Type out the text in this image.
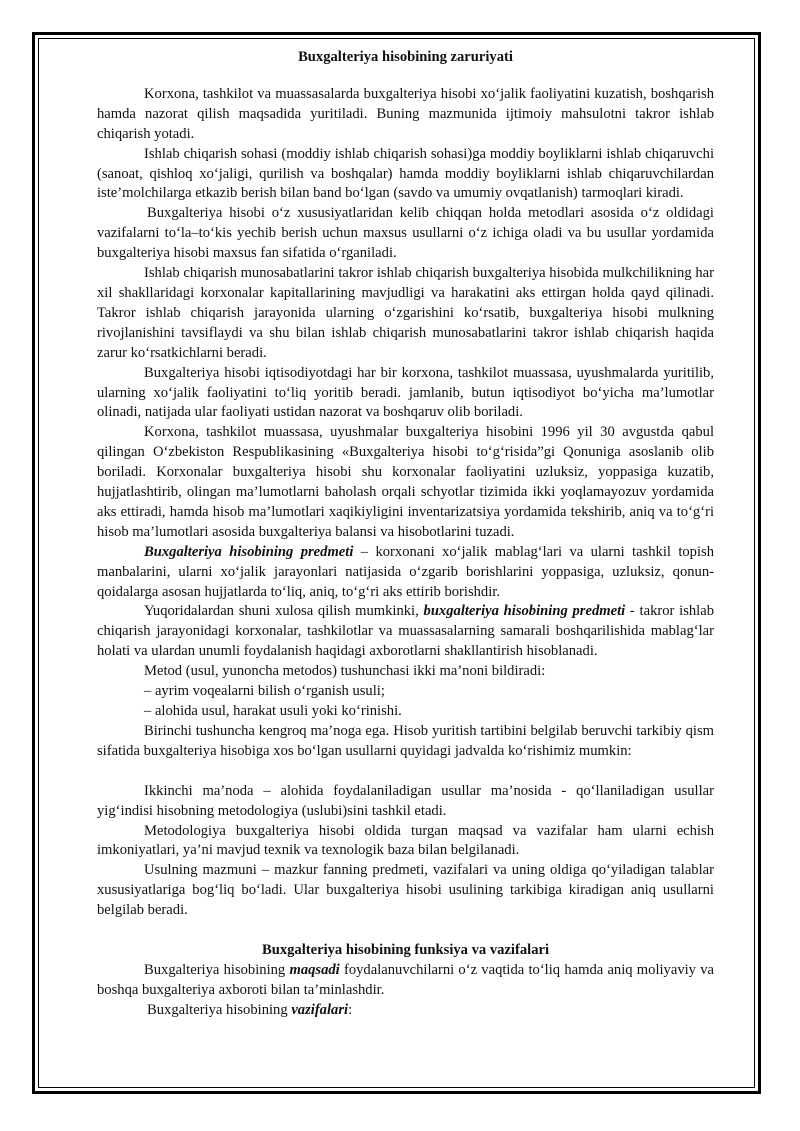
Buxgalteriya hisobining zaruriyati

Korxona, tashkilot va muassasalarda buxgalteriya hisobi xo‘jalik faoliyatini kuzatish, boshqarish hamda nazorat qilish maqsadida yuritiladi. Buning mazmunida ijtimoiy mahsulotni takror ishlab chiqarish yotadi.

Ishlab chiqarish sohasi (moddiy ishlab chiqarish sohasi)ga moddiy boyliklarni ishlab chiqaruvchi (sanoat, qishloq xo‘jaligi, qurilish va boshqalar) hamda moddiy boyliklarni ishlab chiqaruvchilardan iste’molchilarga etkazib berish bilan band bo‘lgan (savdo va umumiy ovqatlanish) tarmoqlari kiradi.

Buxgalteriya hisobi o‘z xususiyatlaridan kelib chiqqan holda metodlari asosida o‘z oldidagi vazifalarni to‘la–to‘kis yechib berish uchun maxsus usullarni o‘z ichiga oladi va bu usullar yordamida buxgalteriya hisobi maxsus fan sifatida o‘rganiladi.

Ishlab chiqarish munosabatlarini takror ishlab chiqarish buxgalteriya hisobida mulkchilikning har xil shakllaridagi korxonalar kapitallarining mavjudligi va harakatini aks ettirgan holda qayd qilinadi. Takror ishlab chiqarish jarayonida ularning o‘zgarishini ko‘rsatib, buxgalteriya hisobi mulkning rivojlanishini tavsiflaydi va shu bilan ishlab chiqarish munosabatlarini takror ishlab chiqarish haqida zarur ko‘rsatkichlarni beradi.

Buxgalteriya hisobi iqtisodiyotdagi har bir korxona, tashkilot muassasa, uyushmalarda yuritilib, ularning xo‘jalik faoliyatini to‘liq yoritib beradi. jamlanib, butun iqtisodiyot bo‘yicha ma’lumotlar olinadi, natijada ular faoliyati ustidan nazorat va boshqaruv olib boriladi.

Korxona, tashkilot muassasa, uyushmalar buxgalteriya hisobini 1996 yil 30 avgustda qabul qilingan O‘zbekiston Respublikasining «Buxgalteriya hisobi to‘g‘risida”gi Qonuniga asoslanib olib boriladi. Korxonalar buxgalteriya hisobi shu korxonalar faoliyatini uzluksiz, yoppasiga kuzatib, hujjatlashtirib, olingan ma’lumotlarni baholash orqali schyotlar tizimida ikki yoqlamayozuv yordamida aks ettiradi, hamda hisob ma’lumotlari xaqikiyligini inventarizatsiya yordamida tekshirib, aniq va to‘g‘ri hisob ma’lumotlari asosida buxgalteriya balansi va hisobotlarini tuzadi.

Buxgalteriya hisobining predmeti – korxonani xo‘jalik mablag‘lari va ularni tashkil topish manbalarini, ularni xo‘jalik jarayonlari natijasida o‘zgarib borishlarini yoppasiga, uzluksiz, qonun-qoidalarga asosan hujjatlarda to‘liq, aniq, to‘g‘ri aks ettirib borishdir.

Yuqoridalardan shuni xulosa qilish mumkinki, buxgalteriya hisobining predmeti - takror ishlab chiqarish jarayonidagi korxonalar, tashkilotlar va muassasalarning samarali boshqarilishida mablag‘lar holati va ulardan unumli foydalanish haqidagi axborotlarni shakllantirish hisoblanadi.

Metod (usul, yunoncha metodos) tushunchasi ikki ma’noni bildiradi:

– ayrim voqealarni bilish o‘rganish usuli;

– alohida usul, harakat usuli yoki ko‘rinishi.

Birinchi tushuncha kengroq ma’noga ega. Hisob yuritish tartibini belgilab beruvchi tarkibiy qism sifatida buxgalteriya hisobiga xos bo‘lgan usullarni quyidagi jadvalda ko‘rishimiz mumkin:

Ikkinchi ma’noda – alohida foydalaniladigan usullar ma’nosida - qo‘llaniladigan usullar yig‘indisi hisobning metodologiya (uslubi)sini tashkil etadi.

Metodologiya buxgalteriya hisobi oldida turgan maqsad va vazifalar ham ularni echish imkoniyatlari, ya’ni mavjud texnik va texnologik baza bilan belgilanadi.

Usulning mazmuni – mazkur fanning predmeti, vazifalari va uning oldiga qo‘yiladigan talablar xususiyatlariga bog‘liq bo‘ladi. Ular buxgalteriya hisobi usulining tarkibiga kiradigan aniq usullarni belgilab beradi.

Buxgalteriya hisobining funksiya va vazifalari

Buxgalteriya hisobining maqsadi foydalanuvchilarni o‘z vaqtida to‘liq hamda aniq moliyaviy va boshqa buxgalteriya axboroti bilan ta’minlashdir.

Buxgalteriya hisobining vazifalari:
